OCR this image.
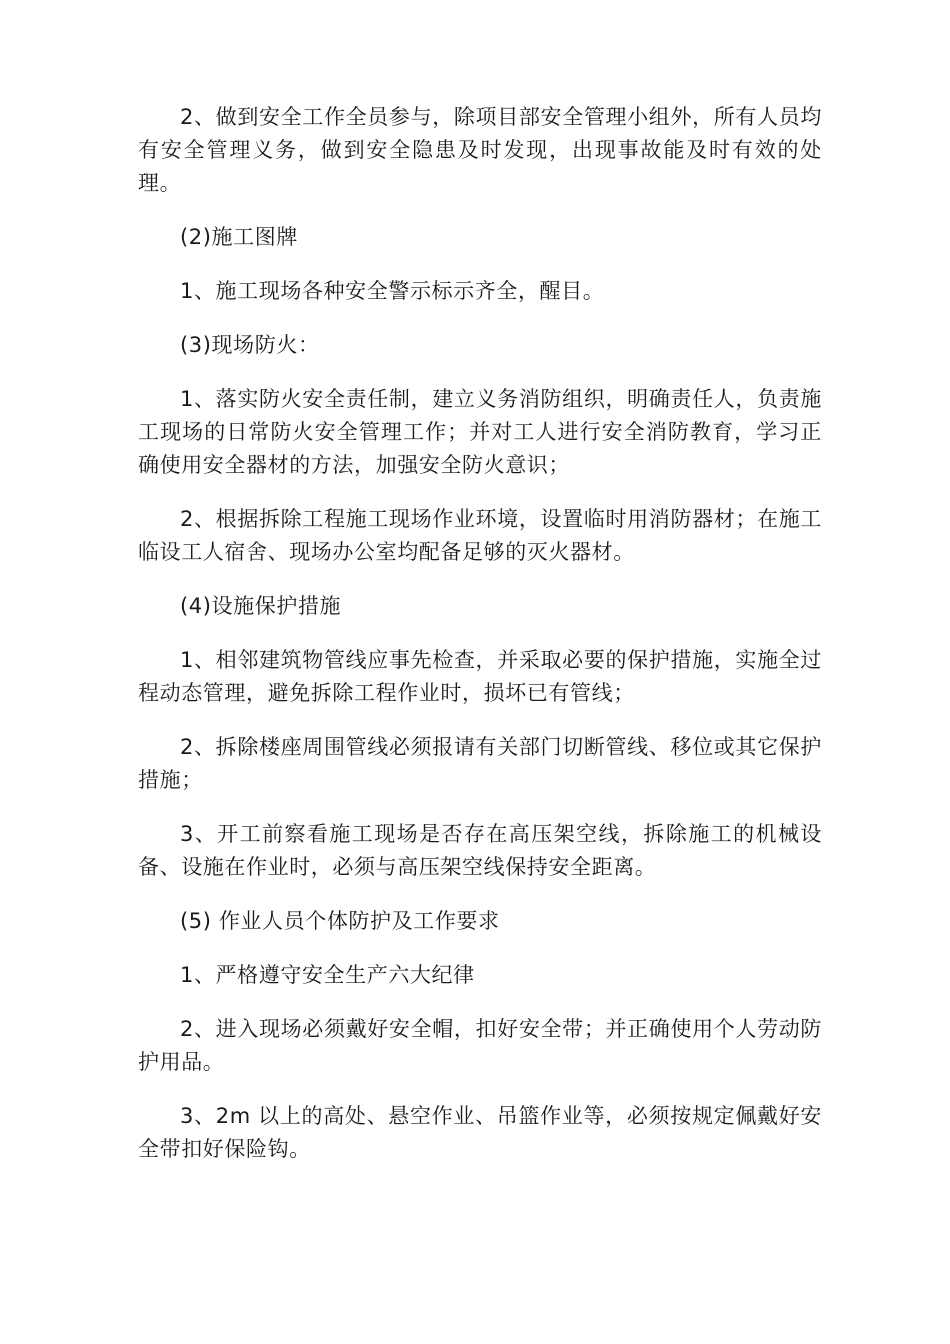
2、做到安全工作全员参与，除项目部安全管理小组外，所有人员均有安全管理义务，做到安全隐患及时发现，出现事故能及时有效的处理。

(2)施工图牌

1、施工现场各种安全警示标示齐全，醒目。

(3)现场防火：

1、落实防火安全责任制，建立义务消防组织，明确责任人，负责施工现场的日常防火安全管理工作；并对工人进行安全消防教育，学习正确使用安全器材的方法，加强安全防火意识；

2、根据拆除工程施工现场作业环境，设置临时用消防器材；在施工临设工人宿舍、现场办公室均配备足够的灭火器材。

(4)设施保护措施

1、相邻建筑物管线应事先检查，并采取必要的保护措施，实施全过程动态管理，避免拆除工程作业时，损坏已有管线；

2、拆除楼座周围管线必须报请有关部门切断管线、移位或其它保护措施；

3、开工前察看施工现场是否存在高压架空线，拆除施工的机械设备、设施在作业时，必须与高压架空线保持安全距离。

(5) 作业人员个体防护及工作要求

1、严格遵守安全生产六大纪律

2、进入现场必须戴好安全帽，扣好安全带；并正确使用个人劳动防护用品。

3、2m 以上的高处、悬空作业、吊篮作业等，必须按规定佩戴好安全带扣好保险钩。
